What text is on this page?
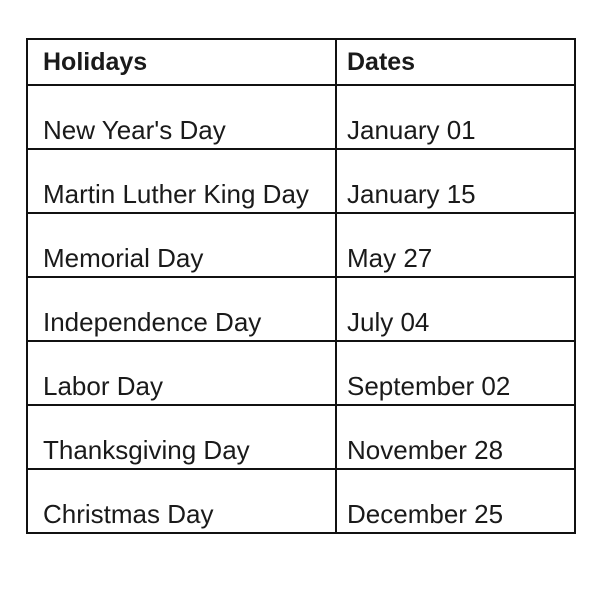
Holidays	Dates
New Year's Day	January 01
Martin Luther King Day	January 15
Memorial Day	May 27
Independence Day	July 04
Labor Day	September 02
Thanksgiving Day	November 28
Christmas Day	December 25
